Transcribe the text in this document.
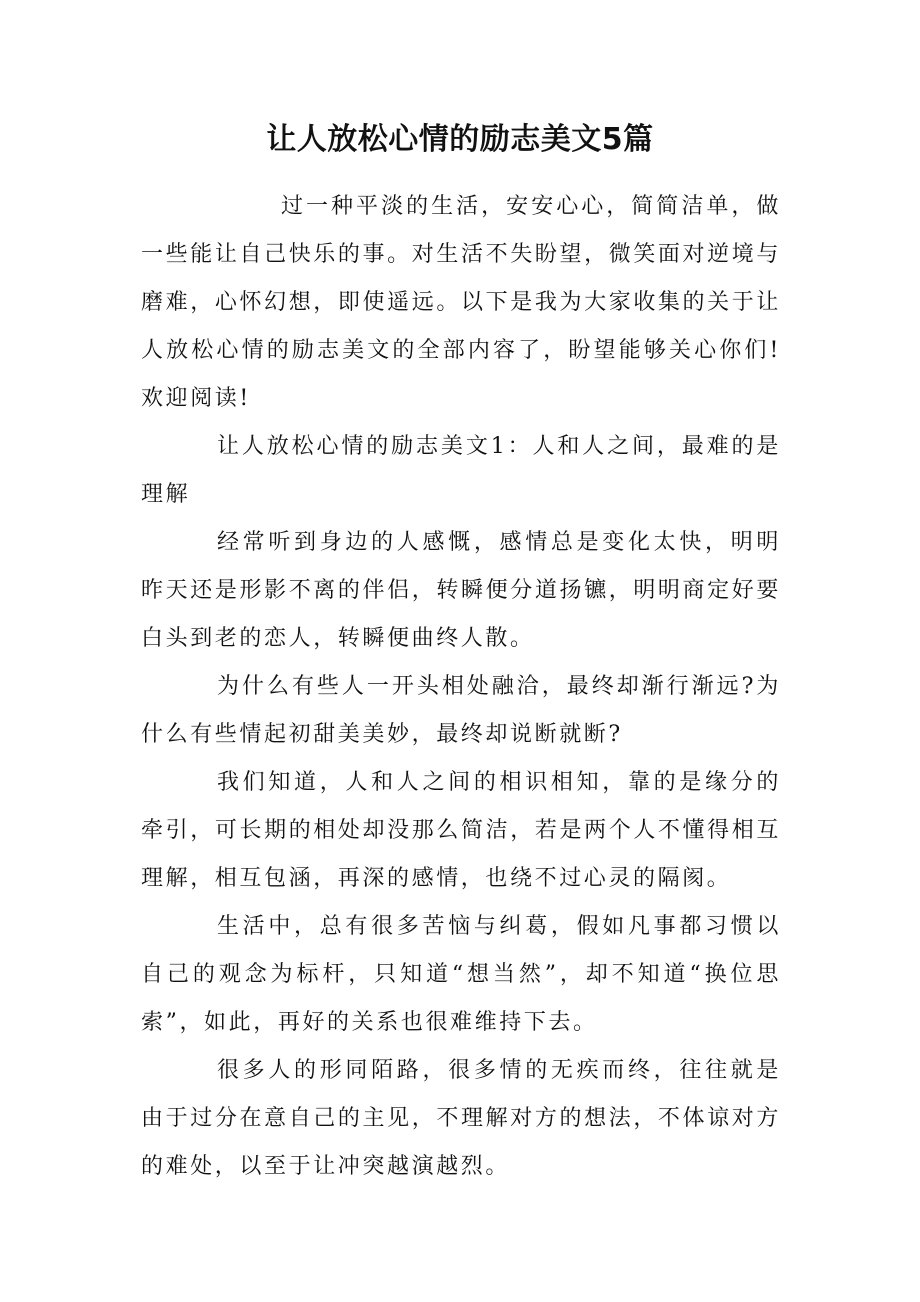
让人放松心情的励志美文5篇

过一种平淡的生活，安安心心，简简洁单，做一些能让自己快乐的事。对生活不失盼望，微笑面对逆境与磨难，心怀幻想，即使遥远。以下是我为大家收集的关于让人放松心情的励志美文的全部内容了，盼望能够关心你们!欢迎阅读!

让人放松心情的励志美文1：人和人之间，最难的是理解

经常听到身边的人感慨，感情总是变化太快，明明昨天还是形影不离的伴侣，转瞬便分道扬镳，明明商定好要白头到老的恋人，转瞬便曲终人散。

为什么有些人一开头相处融洽，最终却渐行渐远?为什么有些情起初甜美美妙，最终却说断就断?

我们知道，人和人之间的相识相知，靠的是缘分的牵引，可长期的相处却没那么简洁，若是两个人不懂得相互理解，相互包涵，再深的感情，也绕不过心灵的隔阂。

生活中，总有很多苦恼与纠葛，假如凡事都习惯以自己的观念为标杆，只知道“想当然”，却不知道“换位思索”，如此，再好的关系也很难维持下去。

很多人的形同陌路，很多情的无疾而终，往往就是由于过分在意自己的主见，不理解对方的想法，不体谅对方的难处，以至于让冲突越演越烈。
